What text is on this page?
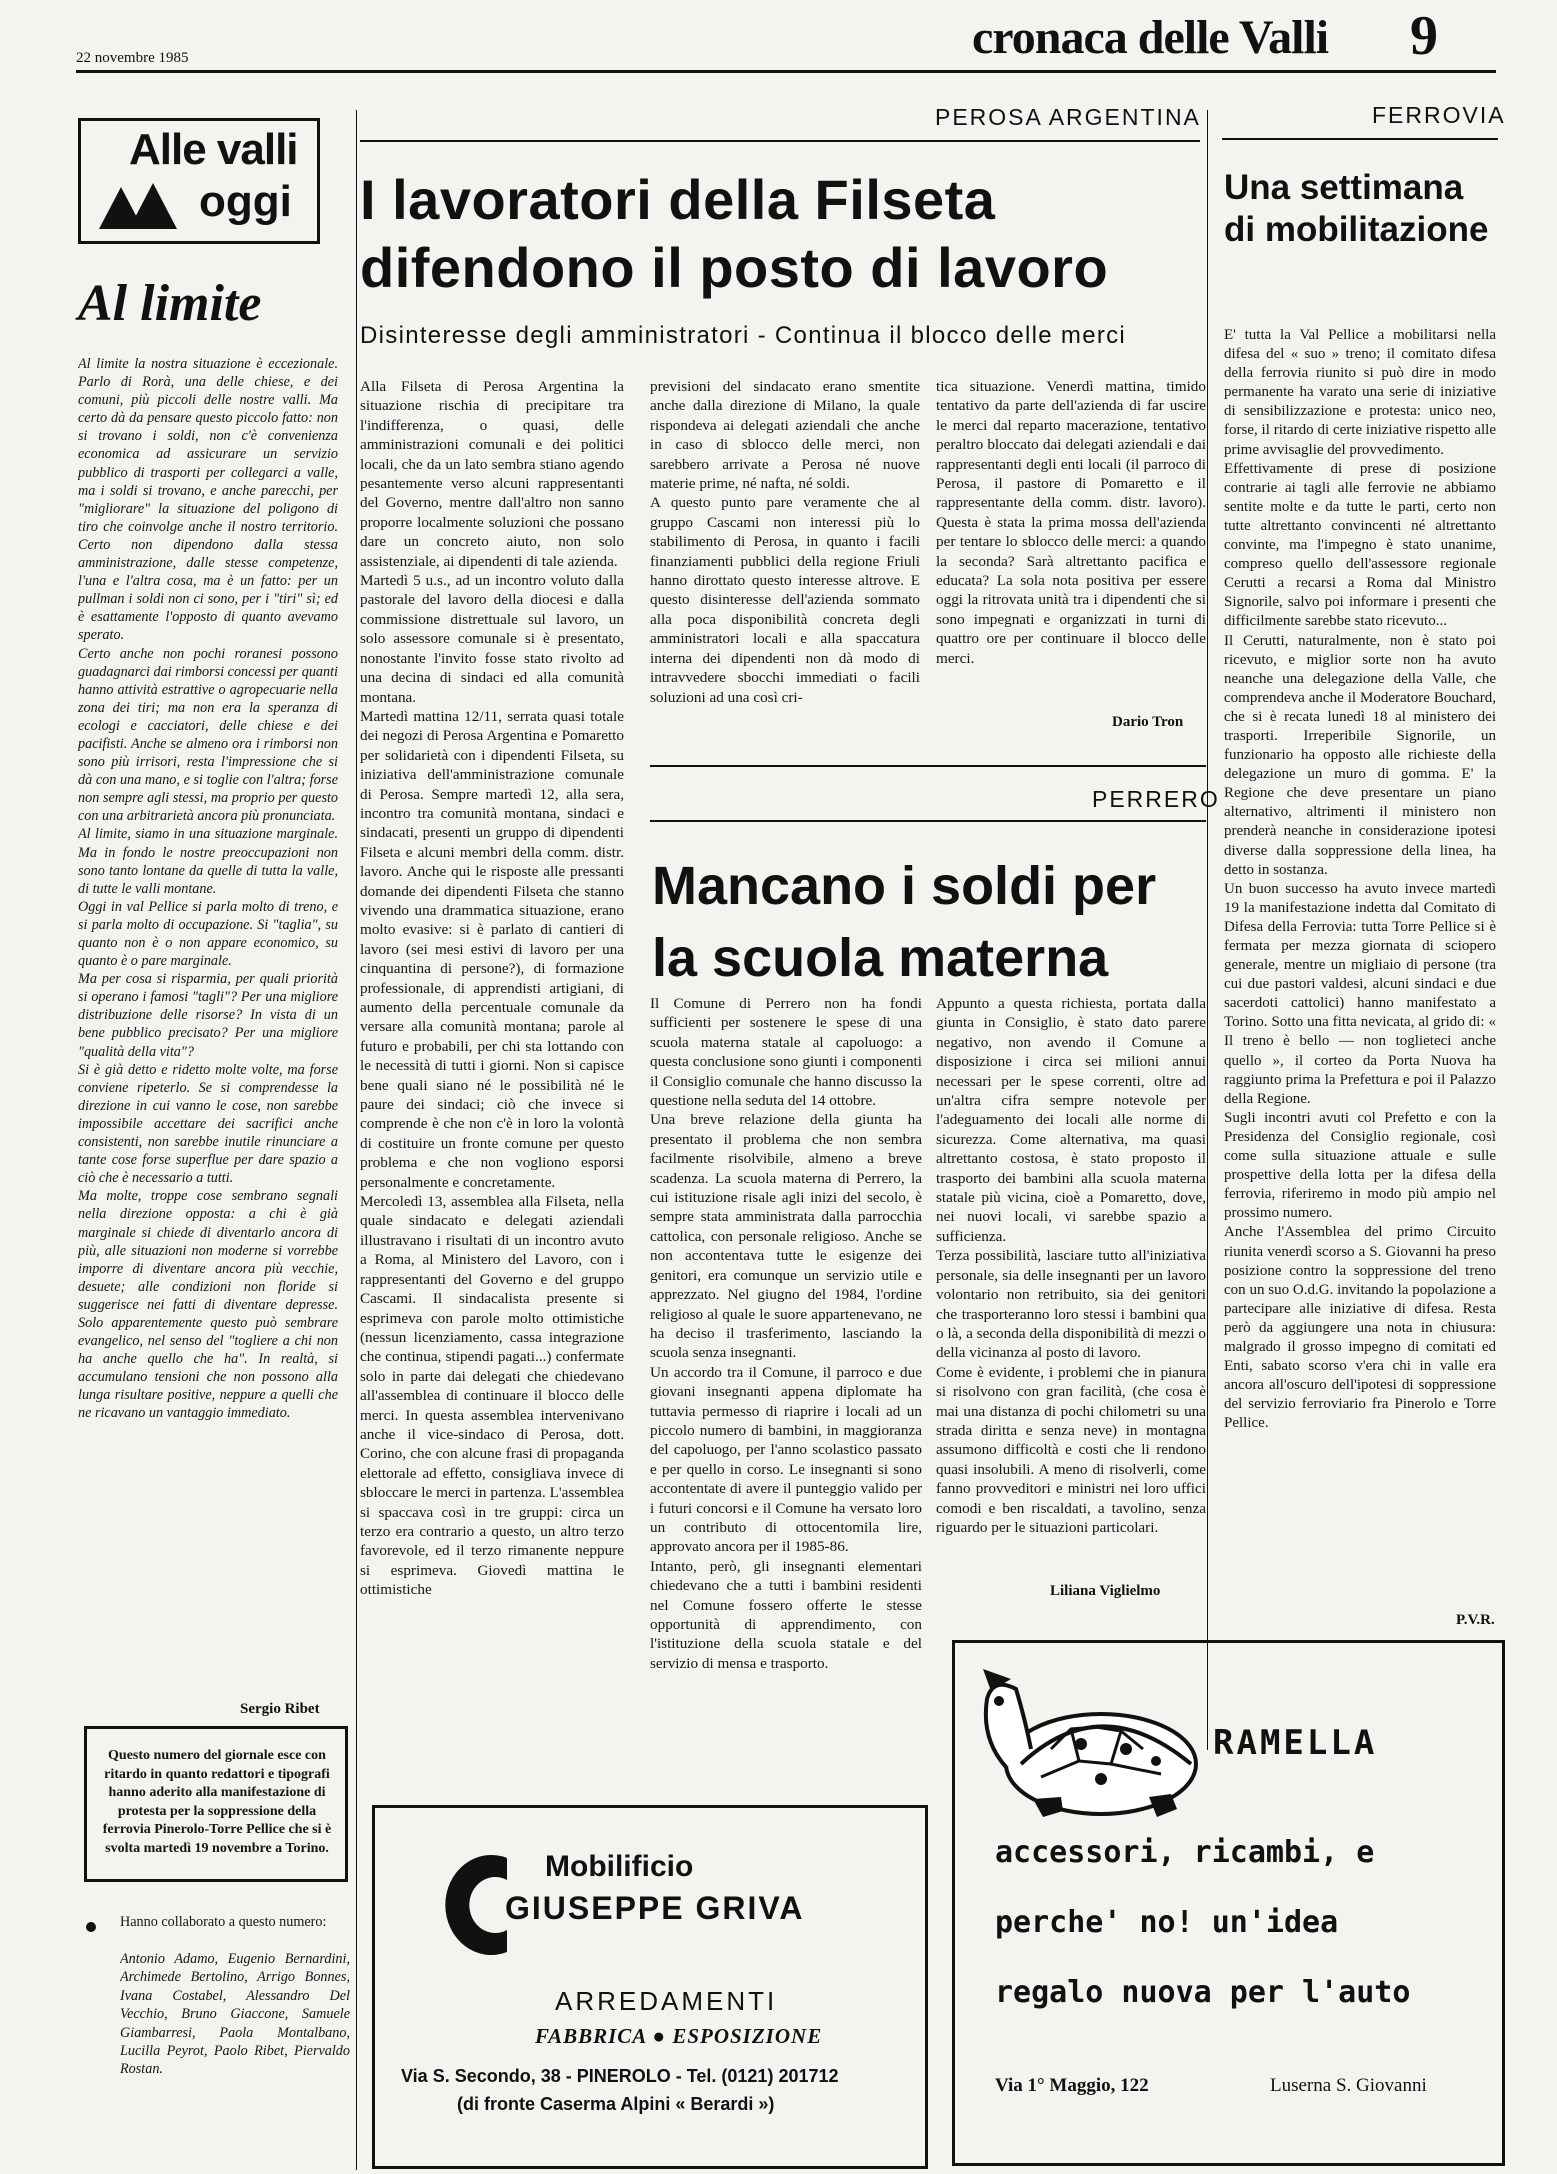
22 novembre 1985	cronaca delle Valli 9
Alle valli
oggi
Al limite
Al limite la nostra situazione è eccezionale. Parlo di Rorà, una delle chiese, e dei comuni, più piccoli delle nostre valli. Ma certo dà da pensare questo piccolo fatto: non si trovano i soldi, non c'è convenienza economica ad assicurare un servizio pubblico di trasporti per collegarci a valle, ma i soldi si trovano, e anche parecchi, per "migliorare" la situazione del poligono di tiro che coinvolge anche il nostro territorio. Certo non dipendono dalla stessa amministrazione, dalle stesse competenze, l'una e l'altra cosa, ma è un fatto: per un pullman i soldi non ci sono, per i "tiri" sì; ed è esattamente l'opposto di quanto avevamo sperato.
Certo anche non pochi roranesi possono guadagnarci dai rimborsi concessi per quanti hanno attività estrattive o agropecuarie nella zona dei tiri; ma non era la speranza di ecologi e cacciatori, delle chiese e dei pacifisti. Anche se almeno ora i rimborsi non sono più irrisori, resta l'impressione che si dà con una mano, e si toglie con l'altra; forse non sempre agli stessi, ma proprio per questo con una arbitrarietà ancora più pronunciata.
Al limite, siamo in una situazione marginale. Ma in fondo le nostre preoccupazioni non sono tanto lontane da quelle di tutta la valle, di tutte le valli montane.
Oggi in val Pellice si parla molto di treno, e si parla molto di occupazione. Si "taglia", su quanto non è o non appare economico, su quanto è o pare marginale.
Ma per cosa si risparmia, per quali priorità si operano i famosi "tagli"? Per una migliore distribuzione delle risorse? In vista di un bene pubblico precisato? Per una migliore "qualità della vita"?
Si è già detto e ridetto molte volte, ma forse conviene ripeterlo. Se si comprendesse la direzione in cui vanno le cose, non sarebbe impossibile accettare dei sacrifici anche consistenti, non sarebbe inutile rinunciare a tante cose forse superflue per dare spazio a ciò che è necessario a tutti.
Ma molte, troppe cose sembrano segnali nella direzione opposta: a chi è già marginale si chiede di diventarlo ancora di più, alle situazioni non moderne si vorrebbe imporre di diventare ancora più vecchie, desuete; alle condizioni non floride si suggerisce nei fatti di diventare depresse. Solo apparentemente questo può sembrare evangelico, nel senso del "togliere a chi non ha anche quello che ha". In realtà, si accumulano tensioni che non possono alla lunga risultare positive, neppure a quelli che ne ricavano un vantaggio immediato.
Sergio Ribet
Questo numero del giornale esce con ritardo in quanto redattori e tipografi hanno aderito alla manifestazione di protesta per la soppressione della ferrovia Pinerolo-Torre Pellice che si è svolta martedì 19 novembre a Torino.
Hanno collaborato a questo numero:
Antonio Adamo, Eugenio Bernardini, Archimede Bertolino, Arrigo Bonnes, Ivana Costabel, Alessandro Del Vecchio, Bruno Giaccone, Samuele Giambarresi, Paola Montalbano, Lucilla Peyrot, Paolo Ribet, Piervaldo Rostan.
PEROSA ARGENTINA
I lavoratori della Filseta difendono il posto di lavoro
Disinteresse degli amministratori - Continua il blocco delle merci
Alla Filseta di Perosa Argentina la situazione rischia di precipitare tra l'indifferenza, o quasi, delle amministrazioni comunali e dei politici locali, che da un lato sembra stiano agendo pesantemente verso alcuni rappresentanti del Governo, mentre dall'altro non sanno proporre localmente soluzioni che possano dare un concreto aiuto, non solo assistenziale, ai dipendenti di tale azienda.
Martedì 5 u.s., ad un incontro voluto dalla pastorale del lavoro della diocesi e dalla commissione distrettuale sul lavoro, un solo assessore comunale si è presentato, nonostante l'invito fosse stato rivolto ad una decina di sindaci ed alla comunità montana.
Martedì mattina 12/11, serrata quasi totale dei negozi di Perosa Argentina e Pomaretto per solidarietà con i dipendenti Filseta, su iniziativa dell'amministrazione comunale di Perosa. Sempre martedì 12, alla sera, incontro tra comunità montana, sindaci e sindacati, presenti un gruppo di dipendenti Filseta e alcuni membri della comm. distr. lavoro. Anche qui le risposte alle pressanti domande dei dipendenti Filseta che stanno vivendo una drammatica situazione, erano molto evasive: si è parlato di cantieri di lavoro (sei mesi estivi di lavoro per una cinquantina di persone?), di formazione professionale, di apprendisti artigiani, di aumento della percentuale comunale da versare alla comunità montana; parole al futuro e probabili, per chi sta lottando con le necessità di tutti i giorni. Non si capisce bene quali siano né le possibilità né le paure dei sindaci; ciò che invece si comprende è che non c'è in loro la volontà di costituire un fronte comune per questo problema e che non vogliono esporsi personalmente e concretamente.
Mercoledì 13, assemblea alla Filseta, nella quale sindacato e delegati aziendali illustravano i risultati di un incontro avuto a Roma, al Ministero del Lavoro, con i rappresentanti del Governo e del gruppo Cascami. Il sindacalista presente si esprimeva con parole molto ottimistiche (nessun licenziamento, cassa integrazione che continua, stipendi pagati...) confermate solo in parte dai delegati che chiedevano all'assemblea di continuare il blocco delle merci. In questa assemblea intervenivano anche il vice-sindaco di Perosa, dott. Corino, che con alcune frasi di propaganda elettorale ad effetto, consigliava invece di sbloccare le merci in partenza. L'assemblea si spaccava così in tre gruppi: circa un terzo era contrario a questo, un altro terzo favorevole, ed il terzo rimanente neppure si esprimeva. Giovedì mattina le ottimistiche
previsioni del sindacato erano smentite anche dalla direzione di Milano, la quale rispondeva ai delegati aziendali che anche in caso di sblocco delle merci, non sarebbero arrivate a Perosa né nuove materie prime, né nafta, né soldi.
A questo punto pare veramente che al gruppo Cascami non interessi più lo stabilimento di Perosa, in quanto i facili finanziamenti pubblici della regione Friuli hanno dirottato questo interesse altrove. E questo disinteresse dell'azienda sommato alla poca disponibilità concreta degli amministratori locali e alla spaccatura interna dei dipendenti non dà modo di intravvedere sbocchi immediati o facili soluzioni ad una così cri-
tica situazione. Venerdì mattina, timido tentativo da parte dell'azienda di far uscire le merci dal reparto macerazione, tentativo peraltro bloccato dai delegati aziendali e dai rappresentanti degli enti locali (il parroco di Perosa, il pastore di Pomaretto e il rappresentante della comm. distr. lavoro). Questa è stata la prima mossa dell'azienda per tentare lo sblocco delle merci: a quando la seconda? Sarà altrettanto pacifica e educata? La sola nota positiva per essere oggi la ritrovata unità tra i dipendenti che si sono impegnati e organizzati in turni di quattro ore per continuare il blocco delle merci.
Dario Tron
FERROVIA
Una settimana di mobilitazione
E' tutta la Val Pellice a mobilitarsi nella difesa del « suo » treno; il comitato difesa della ferrovia riunito si può dire in modo permanente ha varato una serie di iniziative di sensibilizzazione e protesta: unico neo, forse, il ritardo di certe iniziative rispetto alle prime avvisaglie del provvedimento.
Effettivamente di prese di posizione contrarie ai tagli alle ferrovie ne abbiamo sentite molte e da tutte le parti, certo non tutte altrettanto convincenti né altrettanto convinte, ma l'impegno è stato unanime, compreso quello dell'assessore regionale Cerutti a recarsi a Roma dal Ministro Signorile, salvo poi informare i presenti che difficilmente sarebbe stato ricevuto...
Il Cerutti, naturalmente, non è stato poi ricevuto, e miglior sorte non ha avuto neanche una delegazione della Valle, che comprendeva anche il Moderatore Bouchard, che si è recata lunedì 18 al ministero dei trasporti. Irreperibile Signorile, un funzionario ha opposto alle richieste della delegazione un muro di gomma. E' la Regione che deve presentare un piano alternativo, altrimenti il ministero non prenderà neanche in considerazione ipotesi diverse dalla soppressione della linea, ha detto in sostanza.
Un buon successo ha avuto invece martedì 19 la manifestazione indetta dal Comitato di Difesa della Ferrovia: tutta Torre Pellice si è fermata per mezza giornata di sciopero generale, mentre un migliaio di persone (tra cui due pastori valdesi, alcuni sindaci e due sacerdoti cattolici) hanno manifestato a Torino. Sotto una fitta nevicata, al grido di: « Il treno è bello — non toglieteci anche quello », il corteo da Porta Nuova ha raggiunto prima la Prefettura e poi il Palazzo della Regione.
Sugli incontri avuti col Prefetto e con la Presidenza del Consiglio regionale, così come sulla situazione attuale e sulle prospettive della lotta per la difesa della ferrovia, riferiremo in modo più ampio nel prossimo numero.
Anche l'Assemblea del primo Circuito riunita venerdì scorso a S. Giovanni ha preso posizione contro la soppressione del treno con un suo O.d.G. invitando la popolazione a partecipare alle iniziative di difesa. Resta però da aggiungere una nota in chiusura: malgrado il grosso impegno di comitati ed Enti, sabato scorso v'era chi in valle era ancora all'oscuro dell'ipotesi di soppressione del servizio ferroviario fra Pinerolo e Torre Pellice.
P.V.R.
PERRERO
Mancano i soldi per la scuola materna
Il Comune di Perrero non ha fondi sufficienti per sostenere le spese di una scuola materna statale al capoluogo: a questa conclusione sono giunti i componenti il Consiglio comunale che hanno discusso la questione nella seduta del 14 ottobre.
Una breve relazione della giunta ha presentato il problema che non sembra facilmente risolvibile, almeno a breve scadenza. La scuola materna di Perrero, la cui istituzione risale agli inizi del secolo, è sempre stata amministrata dalla parrocchia cattolica, con personale religioso. Anche se non accontentava tutte le esigenze dei genitori, era comunque un servizio utile e apprezzato. Nel giugno del 1984, l'ordine religioso al quale le suore appartenevano, ne ha deciso il trasferimento, lasciando la scuola senza insegnanti.
Un accordo tra il Comune, il parroco e due giovani insegnanti appena diplomate ha tuttavia permesso di riaprire i locali ad un piccolo numero di bambini, in maggioranza del capoluogo, per l'anno scolastico passato e per quello in corso. Le insegnanti si sono accontentate di avere il punteggio valido per i futuri concorsi e il Comune ha versato loro un contributo di ottocentomila lire, approvato ancora per il 1985-86.
Intanto, però, gli insegnanti elementari chiedevano che a tutti i bambini residenti nel Comune fossero offerte le stesse opportunità di apprendimento, con l'istituzione della scuola statale e del servizio di mensa e trasporto.
Appunto a questa richiesta, portata dalla giunta in Consiglio, è stato dato parere negativo, non avendo il Comune a disposizione i circa sei milioni annui necessari per le spese correnti, oltre ad un'altra cifra sempre notevole per l'adeguamento dei locali alle norme di sicurezza. Come alternativa, ma quasi altrettanto costosa, è stato proposto il trasporto dei bambini alla scuola materna statale più vicina, cioè a Pomaretto, dove, nei nuovi locali, vi sarebbe spazio a sufficienza.
Terza possibilità, lasciare tutto all'iniziativa personale, sia delle insegnanti per un lavoro volontario non retribuito, sia dei genitori che trasporteranno loro stessi i bambini qua o là, a seconda della disponibilità di mezzi o della vicinanza al posto di lavoro.
Come è evidente, i problemi che in pianura si risolvono con gran facilità, (che cosa è mai una distanza di pochi chilometri su una strada diritta e senza neve) in montagna assumono difficoltà e costi che li rendono quasi insolubili. A meno di risolverli, come fanno provveditori e ministri nei loro uffici comodi e ben riscaldati, a tavolino, senza riguardo per le situazioni particolari.
Liliana Viglielmo
Mobilificio
GIUSEPPE GRIVA
ARREDAMENTI
FABBRICA ● ESPOSIZIONE
Via S. Secondo, 38 - PINEROLO - Tel. (0121) 201712
(di fronte Caserma Alpini « Berardi »)
RAMELLA
accessori, ricambi, e
perche' no! un'idea
regalo nuova per l'auto
Via 1° Maggio, 122	Luserna S. Giovanni
